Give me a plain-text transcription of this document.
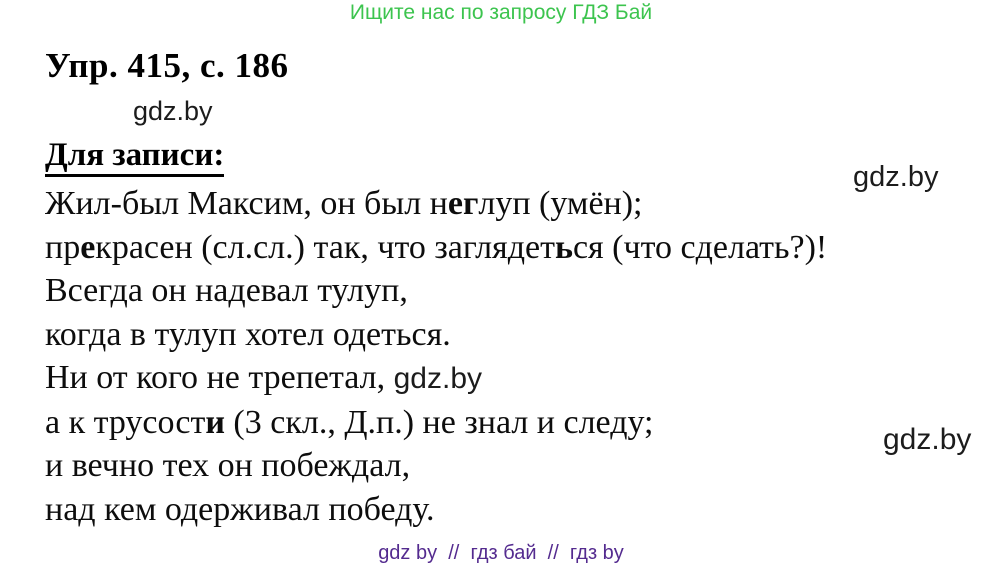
Ищите нас по запросу ГДЗ Бай
Упр. 415, с. 186
gdz.by
Для записи:
gdz.by
gdz.by
Жил-был Максим, он был неглуп (умён);
прекрасен (сл.сл.) так, что заглядеться (что сделать?)!
Всегда он надевал тулуп,
когда в тулуп хотел одеться.
Ни от кого не трепетал, gdz.by
а к трусости (3 скл., Д.п.) не знал и следу;
и вечно тех он побеждал,
над кем одерживал победу.
gdz by  //  гдз бай  //  гдз by
